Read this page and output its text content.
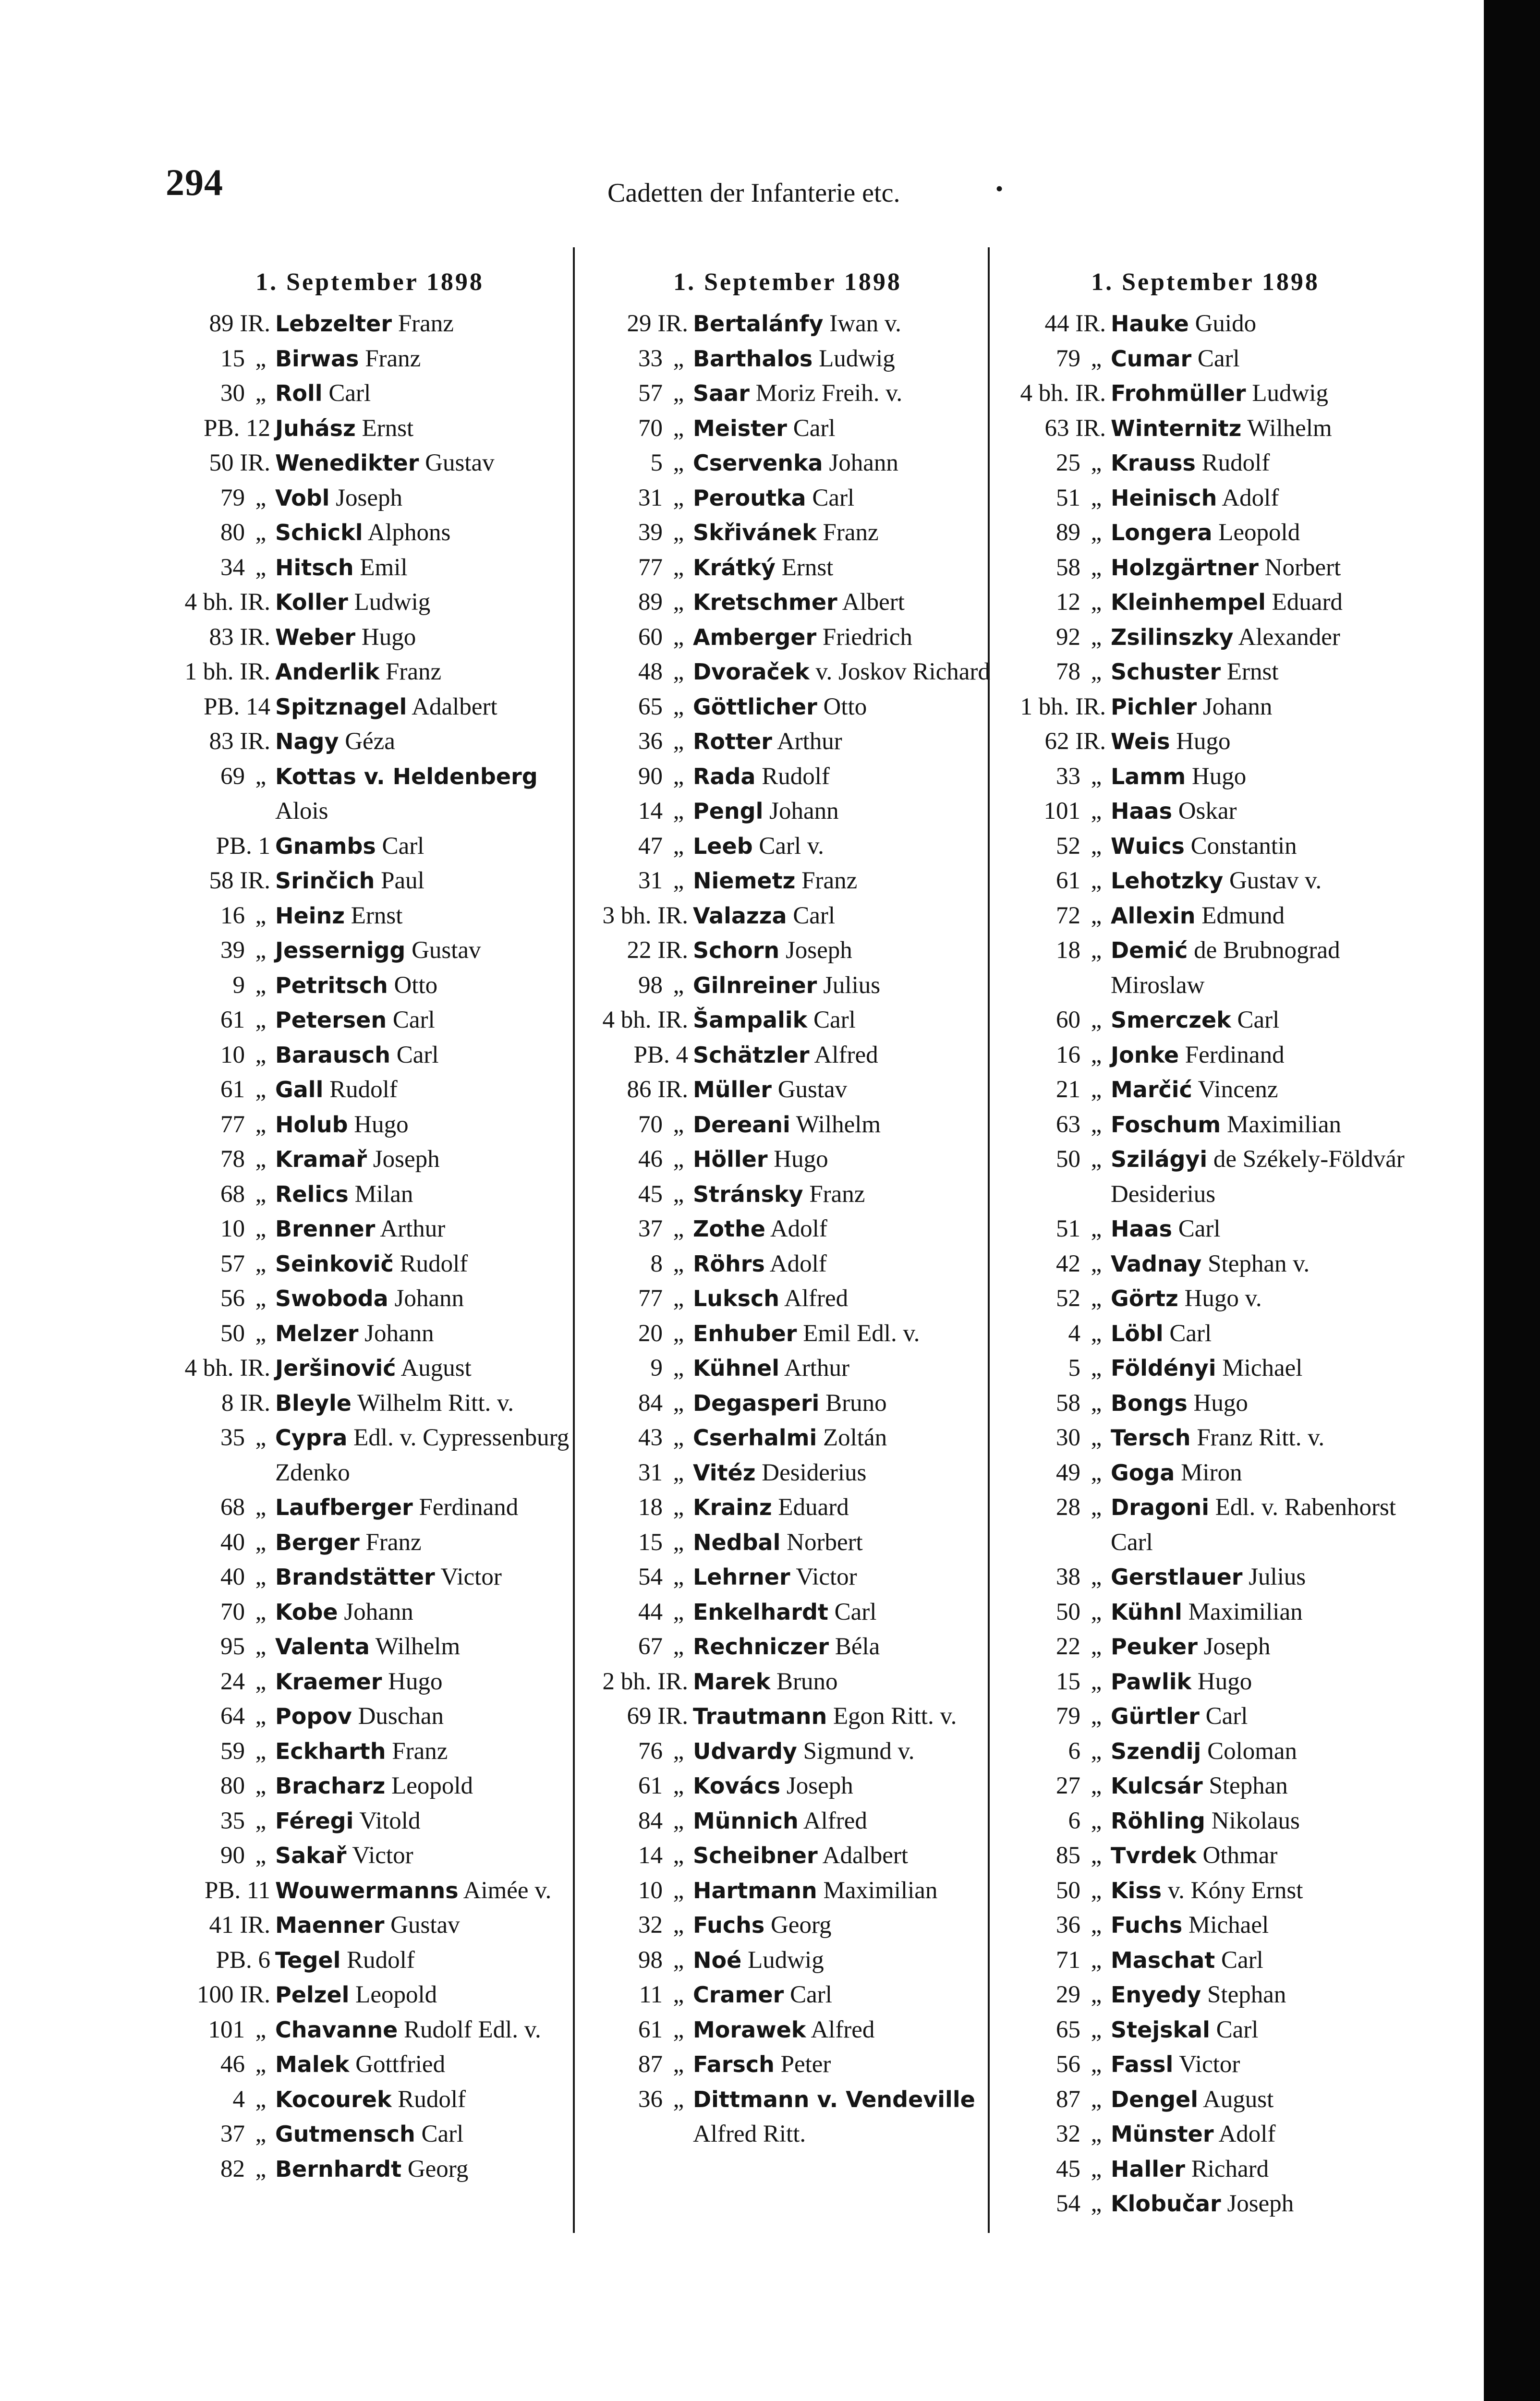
294	Cadetten der Infanterie etc.	•
1. September 1898
89 IR. Lebzelter Franz
15 „ Birwas Franz
30 „ Roll Carl
PB. 12 Juhász Ernst
50 IR. Wenedikter Gustav
79 „ Vobl Joseph
80 „ Schickl Alphons
34 „ Hitsch Emil
4 bh. IR. Koller Ludwig
83 IR. Weber Hugo
1 bh. IR. Anderlik Franz
PB. 14 Spitznagel Adalbert
83 IR. Nagy Géza
69 „ Kottas v. Heldenberg Alois
PB. 1 Gnambs Carl
58 IR. Srinčich Paul
16 „ Heinz Ernst
39 „ Jessernigg Gustav
9 „ Petritsch Otto
61 „ Petersen Carl
10 „ Barausch Carl
61 „ Gall Rudolf
77 „ Holub Hugo
78 „ Kramař Joseph
68 „ Relics Milan
10 „ Brenner Arthur
57 „ Seinkovič Rudolf
56 „ Swoboda Johann
50 „ Melzer Johann
4 bh. IR. Jeršinović August
8 IR. Bleyle Wilhelm Ritt. v.
35 „ Cypra Edl. v. Cypressenburg Zdenko
68 „ Laufberger Ferdinand
40 „ Berger Franz
40 „ Brandstätter Victor
70 „ Kobe Johann
95 „ Valenta Wilhelm
24 „ Kraemer Hugo
64 „ Popov Duschan
59 „ Eckharth Franz
80 „ Bracharz Leopold
35 „ Féregi Vitold
90 „ Sakař Victor
PB. 11 Wouwermanns Aimée v.
41 IR. Maenner Gustav
PB. 6 Tegel Rudolf
100 IR. Pelzel Leopold
101 „ Chavanne Rudolf Edl. v.
46 „ Malek Gottfried
4 „ Kocourek Rudolf
37 „ Gutmensch Carl
82 „ Bernhardt Georg
1. September 1898
29 IR. Bertalánfy Iwan v.
33 „ Barthalos Ludwig
57 „ Saar Moriz Freih. v.
70 „ Meister Carl
5 „ Cservenka Johann
31 „ Peroutka Carl
39 „ Skřivánek Franz
77 „ Krátký Ernst
89 „ Kretschmer Albert
60 „ Amberger Friedrich
48 „ Dvoraček v. Joskov Richard
65 „ Göttlicher Otto
36 „ Rotter Arthur
90 „ Rada Rudolf
14 „ Pengl Johann
47 „ Leeb Carl v.
31 „ Niemetz Franz
3 bh. IR. Valazza Carl
22 IR. Schorn Joseph
98 „ Gilnreiner Julius
4 bh. IR. Šampalik Carl
PB. 4 Schätzler Alfred
86 IR. Müller Gustav
70 „ Dereani Wilhelm
46 „ Höller Hugo
45 „ Stránsky Franz
37 „ Zothe Adolf
8 „ Röhrs Adolf
77 „ Luksch Alfred
20 „ Enhuber Emil Edl. v.
9 „ Kühnel Arthur
84 „ Degasperi Bruno
43 „ Cserhalmi Zoltán
31 „ Vitéz Desiderius
18 „ Krainz Eduard
15 „ Nedbal Norbert
54 „ Lehrner Victor
44 „ Enkelhardt Carl
67 „ Rechniczer Béla
2 bh. IR. Marek Bruno
69 IR. Trautmann Egon Ritt. v.
76 „ Udvardy Sigmund v.
61 „ Kovács Joseph
84 „ Münnich Alfred
14 „ Scheibner Adalbert
10 „ Hartmann Maximilian
32 „ Fuchs Georg
98 „ Noé Ludwig
11 „ Cramer Carl
61 „ Morawek Alfred
87 „ Farsch Peter
36 „ Dittmann v. Vendeville Alfred Ritt.
1. September 1898
44 IR. Hauke Guido
79 „ Cumar Carl
4 bh. IR. Frohmüller Ludwig
63 IR. Winternitz Wilhelm
25 „ Krauss Rudolf
51 „ Heinisch Adolf
89 „ Longera Leopold
58 „ Holzgärtner Norbert
12 „ Kleinhempel Eduard
92 „ Zsilinszky Alexander
78 „ Schuster Ernst
1 bh. IR. Pichler Johann
62 IR. Weis Hugo
33 „ Lamm Hugo
101 „ Haas Oskar
52 „ Wuics Constantin
61 „ Lehotzky Gustav v.
72 „ Allexin Edmund
18 „ Demić de Brubnograd Miroslaw
60 „ Smerczek Carl
16 „ Jonke Ferdinand
21 „ Marčić Vincenz
63 „ Foschum Maximilian
50 „ Szilágyi de Székely-Földvár Desiderius
51 „ Haas Carl
42 „ Vadnay Stephan v.
52 „ Görtz Hugo v.
4 „ Löbl Carl
5 „ Földényi Michael
58 „ Bongs Hugo
30 „ Tersch Franz Ritt. v.
49 „ Goga Miron
28 „ Dragoni Edl. v. Rabenhorst Carl
38 „ Gerstlauer Julius
50 „ Kühnl Maximilian
22 „ Peuker Joseph
15 „ Pawlik Hugo
79 „ Gürtler Carl
6 „ Szendij Coloman
27 „ Kulcsár Stephan
6 „ Röhling Nikolaus
85 „ Tvrdek Othmar
50 „ Kiss v. Kóny Ernst
36 „ Fuchs Michael
71 „ Maschat Carl
29 „ Enyedy Stephan
65 „ Stejskal Carl
56 „ Fassl Victor
87 „ Dengel August
32 „ Münster Adolf
45 „ Haller Richard
54 „ Klobučar Joseph
